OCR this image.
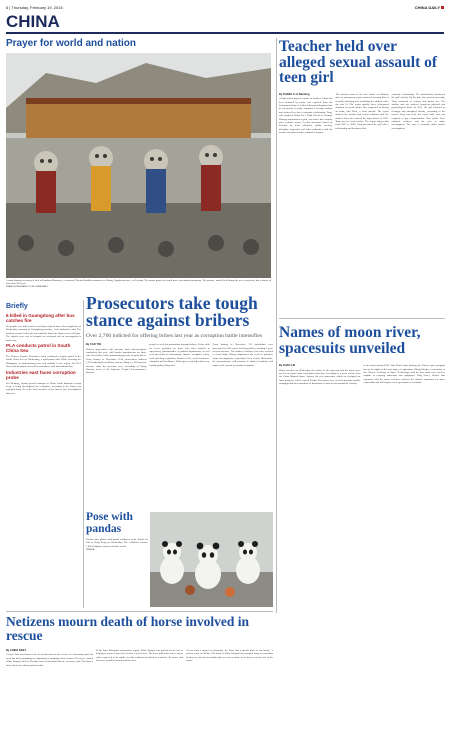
6 | Thursday, February 19, 2015	CHINA DAILY
CHINA
Prayer for world and nation
A mask-dancing ceremony is held in Kumbum Monastery, a renowned Tibetan Buddhist monastery in Xining, Qinghai province, on Tuesday. The monks prayed for world peace and national prosperity. The practice, usually held during the new year period, has a history of more than 250 years.
ZHANG HONGXIANG / FOR CHINA DAILY
Teacher held over alleged sexual assault of teen girl
By ZHANG LI in Nanning
A high school physics teacher in southern China has been detained by police and expelled from the Communist Party of China following allegations that he previously sexually assaulted a teenage student and seduced her into a romantic relationship. Tang, who taught at Bobai No 1 High School in Guangxi Zhuang autonomous region, was taken into custody after a public report. A joint statement issued on Tuesday by local education, public security, discipline inspection and labor authorities said the teacher was placed under criminal detention.
The incident came to the fore online on Monday after an anonymous report surfaced accusing him of sexually harassing and assaulting the student when she was 14. The report quickly drew widespread attention on social media. He's suspected of having an affair, said Zhou, a local official. The report claimed the teacher had sexual relations with the student when she entered the high school in 2007. Tang was her head teacher. The report alleges that from 2007 to 2009, Tang pressured the girl into a relationship and threatened her.
romantic relationship. He intentionally threatened the girl's family. By the time she entered university, Tang continued to contact and harass her. The student said she suffered long-term physical and psychological harm. In 2011, the girl returned to Guangxi and attempted suicide, according to the report. Tang was held, the report said, and was required to pay compensation. Now police have obtained evidence and the case is under investigation. The case is currently under further investigation.
Briefly
6 killed in Guangdong after bus catches fire
Six people were killed and several others injured after a bus caught fire on Wednesday morning in Guangdong province, local authorities said. The incident occurred when the bus suddenly burst into flames near a toll gate. The injured were sent to hospital for treatment and an investigation is under way.
PLA conducts patrol in South China Sea
The Chinese People's Liberation Army conducted a routine patrol in the South China Sea on Wednesday, a spokesman said. While accusing the Philippines of undermining peace and stability in the region, the PLA Navy said the patrol was held in accordance with international law.
Industries east faces corruption probe
Liu Weidong, deputy general manager at China South Industries Group Corp, is being investigated for corruption, according to the Party's top anti-graft body. He is the first executive of the firm to face investigation this year.
Prosecutors take tough stance against bribers
Over 2,700 indicted for offering bribes last year as corruption battle intensifies
By CAO YIN
Chinese prosecutors will intensify their anti-corruption crackdown this year, with harsher punishments for those who offer bribes while maintaining pressure on graft-takers. From January to November 2014, prosecutors indicted 2,733 individuals on bribery offense charges, a 36.6 percent increase from the previous year, according to Wang Xiaoxin, head of the Supreme People's Procuratorate's division.
people or seek job promotions through bribery. It also calls for severe penalties for those who offer officials in supervisory, administrative or judicial departments, as well as in the fields of environment, finance, workplace safety, food and drug regulation, disaster relief, social insurance, education and healthcare. Bribe-givers and bribe-takers are equally guilty, Wang said.
From January to November, 333 individuals were prosecuted in 260 causes involving bribes, marking a year-on-year increase. The number of bribery cases also reached a record high. Zhang emphasized the need to prioritize major investigations, especially in key sectors. Meanwhile, the procuratorates will continue to address loopholes and improve the system to combat corruption.
Pose with pandas
Visitors take photos with panda sculptures at the Panda Art Fair in Hong Kong on Wednesday. The exhibition features 1,600 sculptures from around the world.
XINHUA
Names of moon river, spacesuits unveiled
By ZHAO LEI
China unveiled on Wednesday the names of the spacesuit and the lunar rover used in its future lunar exploration missions. According to a news release from the China Manned Space Agency, the new spacesuits, which are designed for lunar missions, will be named Feitian. The names were selected through a public campaign that drew hundreds of thousands of entries from around the country.
to the moon around 2030. After Yutu's lunar landing, the Chinese space program has set its sights on the next stage of exploration. Zhang Wenjun, a researcher at the Chinese Academy of Space Technology, said the new lunar rover will be capable of carrying astronauts and equipment. Yang Liwei, China's first astronaut, said the name selection reflected the nation's aspiration for space exploration and will inspire a new generation of scientists.
Netizens mourn death of horse involved in rescue
By CHINA DAILY
A horse that was honored for its involvement in the rescue of a drowning man last week has died, prompting an outpouring of sympathy from netizens. The horse, named White Dragon, died on Tuesday from an intestinal disease, its owner said. The horse's brave deed was widely praised online.
In the Inner Mongolia autonomous region, White Dragon was praised for its role in helping to rescue a man who fell into a frozen river. The horse pulled the man to safety with a rope tied to its saddle, in what residents described as a miracle. Its owner said the horse would be buried near the river.
"It was truly a master of mountains, the horse had a special place in our hearts," a netizen wrote on Weibo. The death of White Dragon has prompted many to remember its bravery, and local residents plan to erect a statue in its honor near the site of the rescue.
